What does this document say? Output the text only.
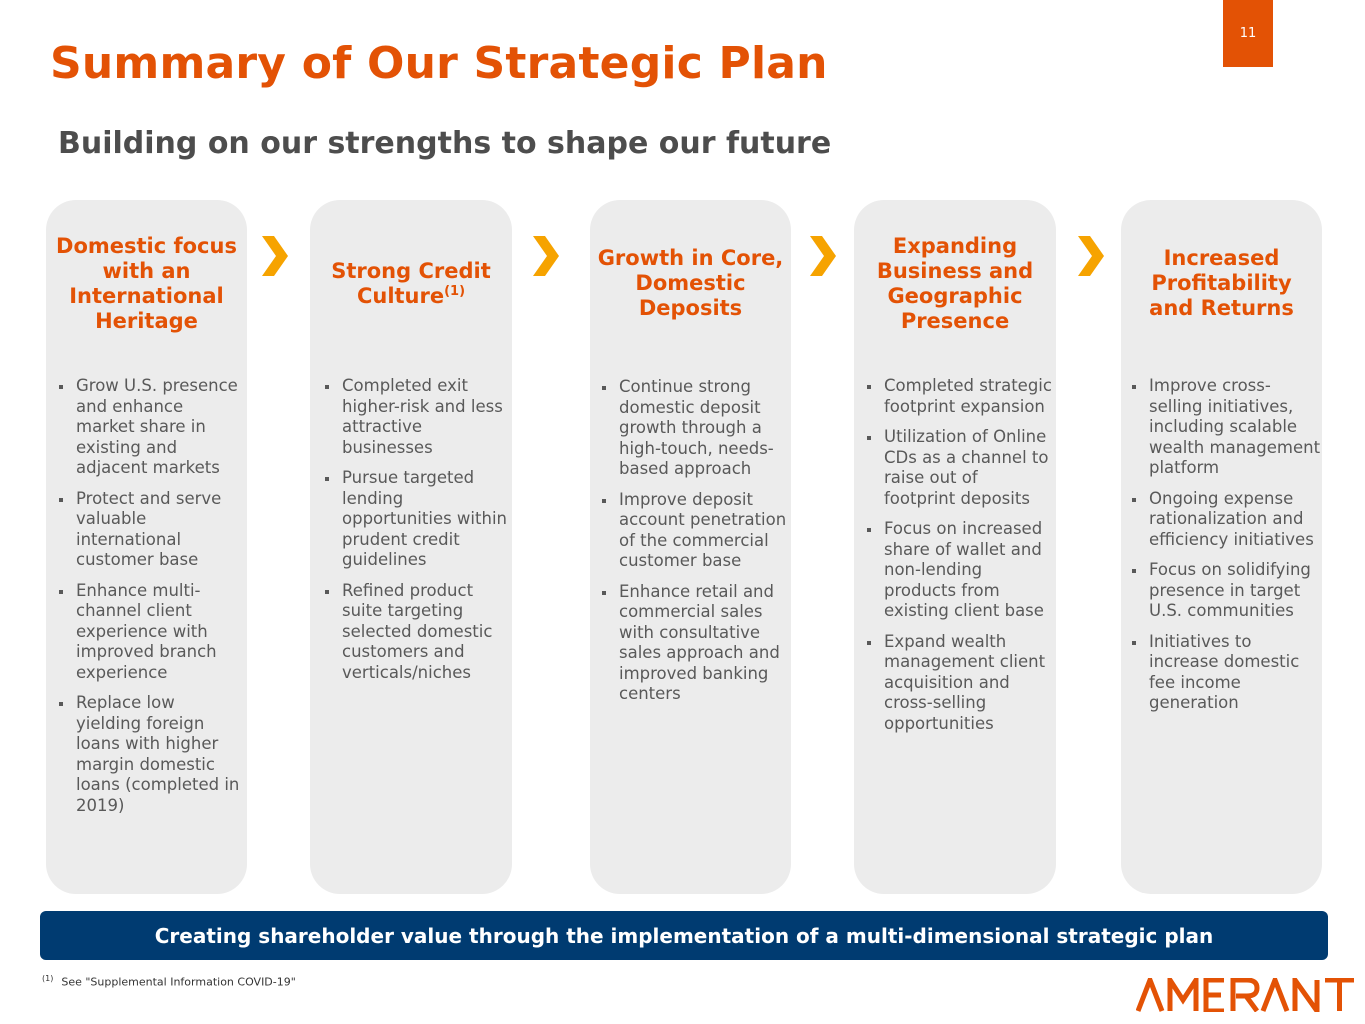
11
Summary of Our Strategic Plan
Building on our strengths to shape our future
Domestic focus
with an
International
Heritage
Grow U.S. presence and enhance market share in existing and adjacent markets
Protect and serve valuable international customer base
Enhance multi-channel client experience with improved branch experience
Replace low yielding foreign loans with higher margin domestic loans (completed in 2019)
Strong Credit
Culture$^{(1)}$
Completed exit higher-risk and less attractive businesses
Pursue targeted lending opportunities within prudent credit guidelines
Refined product suite targeting selected domestic customers and verticals/niches
Growth in Core,
Domestic
Deposits
Continue strong domestic deposit growth through a high-touch, needs-based approach
Improve deposit account penetration of the commercial customer base
Enhance retail and commercial sales with consultative sales approach and improved banking centers
Expanding
Business and
Geographic
Presence
Completed strategic footprint expansion
Utilization of Online CDs as a channel to raise out of footprint deposits
Focus on increased share of wallet and non-lending products from existing client base
Expand wealth management client acquisition and cross-selling opportunities
Increased
Profitability
and Returns
Improve cross-selling initiatives, including scalable wealth management platform
Ongoing expense rationalization and efficiency initiatives
Focus on solidifying presence in target U.S. communities
Initiatives to increase domestic fee income generation
Creating shareholder value through the implementation of a multi-dimensional strategic plan
$^{(1)}$ See "Supplemental Information COVID-19"
